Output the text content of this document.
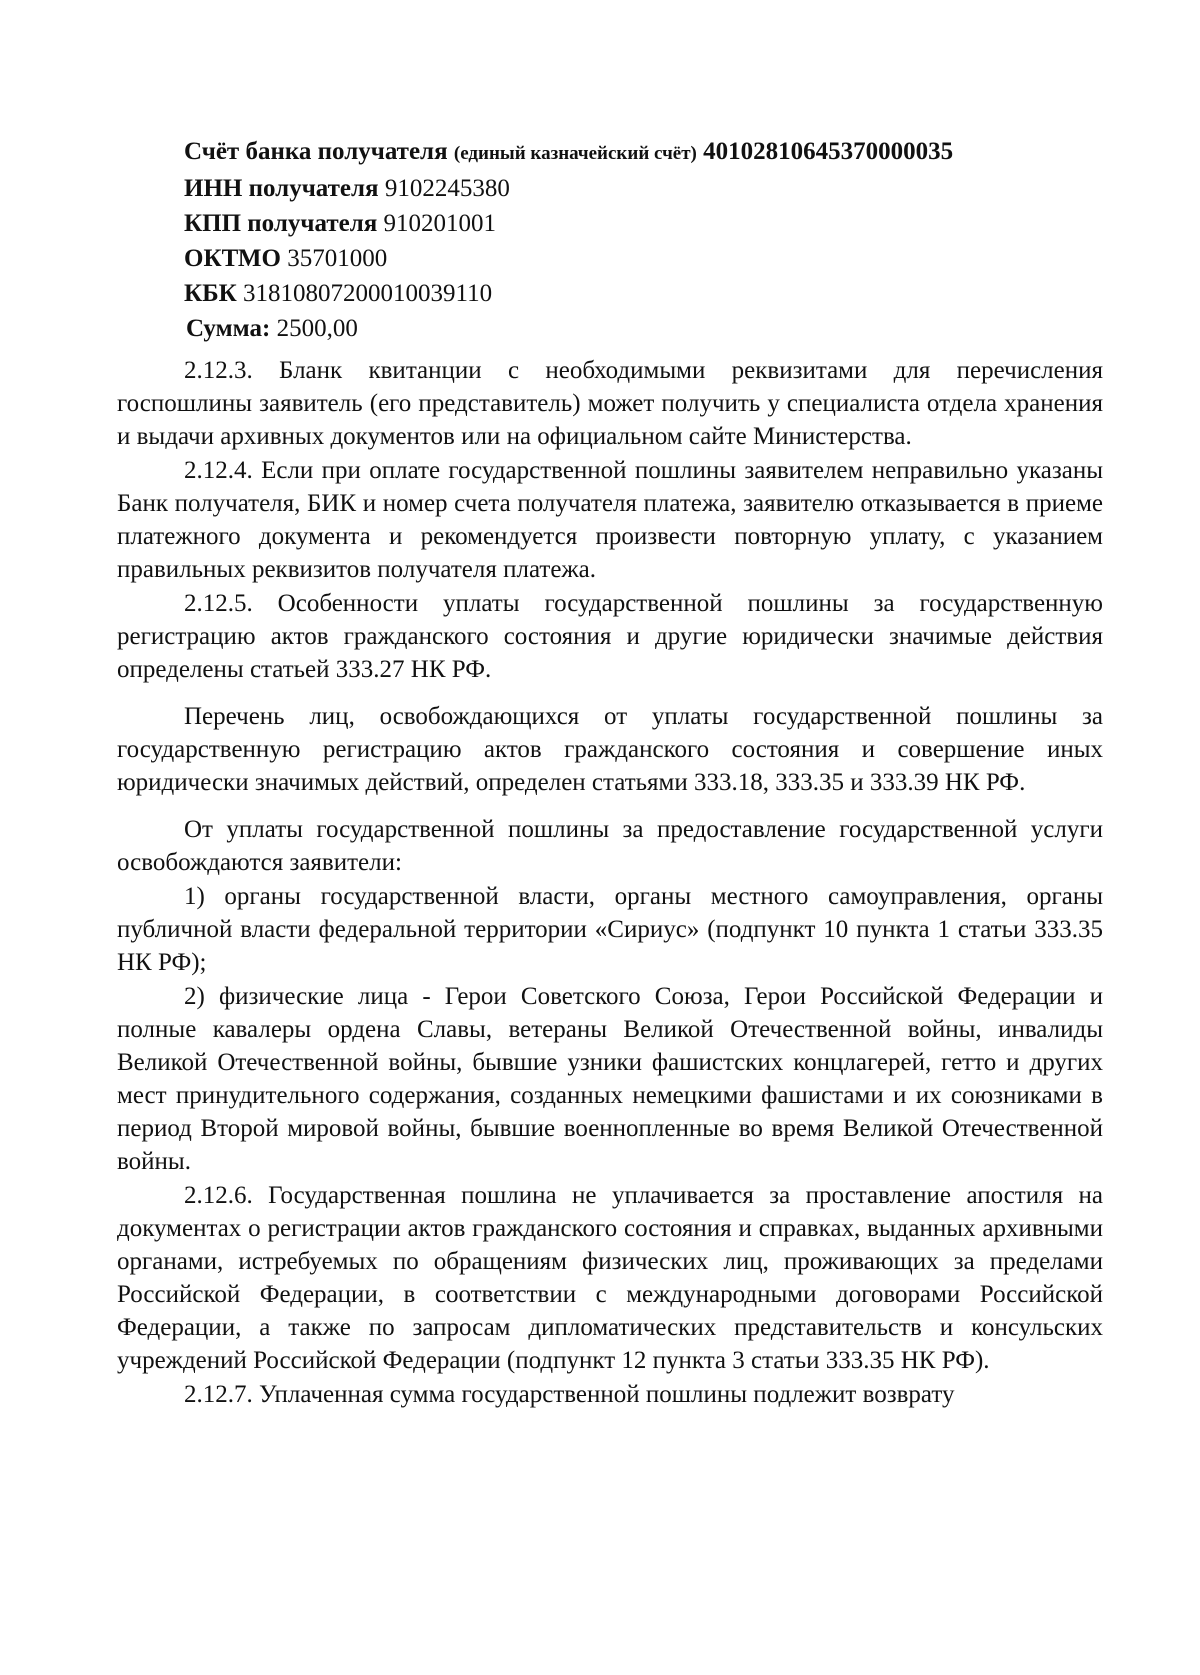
Счёт банка получателя (единый казначейский счёт) 40102810645370000035
ИНН получателя 9102245380
КПП получателя 910201001
ОКТМО 35701000
КБК 31810807200010039110
Сумма: 2500,00

2.12.3. Бланк квитанции с необходимыми реквизитами для перечисления госпошлины заявитель (его представитель) может получить у специалиста отдела хранения и выдачи архивных документов или на официальном сайте Министерства.

2.12.4. Если при оплате государственной пошлины заявителем неправильно указаны Банк получателя, БИК и номер счета получателя платежа, заявителю отказывается в приеме платежного документа и рекомендуется произвести повторную уплату, с указанием правильных реквизитов получателя платежа.

2.12.5. Особенности уплаты государственной пошлины за государственную регистрацию актов гражданского состояния и другие юридически значимые действия определены статьей 333.27 НК РФ.

Перечень лиц, освобождающихся от уплаты государственной пошлины за государственную регистрацию актов гражданского состояния и совершение иных юридически значимых действий, определен статьями 333.18, 333.35 и 333.39 НК РФ.

От уплаты государственной пошлины за предоставление государственной услуги освобождаются заявители:

1) органы государственной власти, органы местного самоуправления, органы публичной власти федеральной территории «Сириус» (подпункт 10 пункта 1 статьи 333.35 НК РФ);

2) физические лица - Герои Советского Союза, Герои Российской Федерации и полные кавалеры ордена Славы, ветераны Великой Отечественной войны, инвалиды Великой Отечественной войны, бывшие узники фашистских концлагерей, гетто и других мест принудительного содержания, созданных немецкими фашистами и их союзниками в период Второй мировой войны, бывшие военнопленные во время Великой Отечественной войны.

2.12.6. Государственная пошлина не уплачивается за проставление апостиля на документах о регистрации актов гражданского состояния и справках, выданных архивными органами, истребуемых по обращениям физических лиц, проживающих за пределами Российской Федерации, в соответствии с международными договорами Российской Федерации, а также по запросам дипломатических представительств и консульских учреждений Российской Федерации (подпункт 12 пункта 3 статьи 333.35 НК РФ).

2.12.7. Уплаченная сумма государственной пошлины подлежит возврату
